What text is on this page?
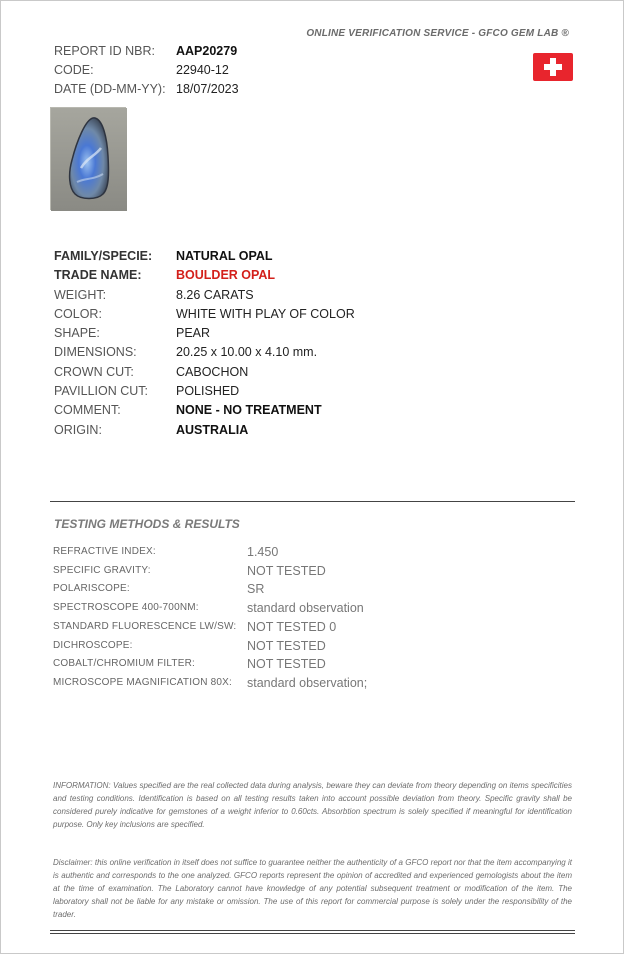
ONLINE VERIFICATION SERVICE - GFCO GEM LAB ®
REPORT ID NBR:	AAP20279
CODE:	22940-12
DATE (DD-MM-YY): 18/07/2023
FAMILY/SPECIE:	NATURAL OPAL
TRADE NAME:	BOULDER OPAL
WEIGHT:	8.26 CARATS
COLOR:	WHITE WITH PLAY OF COLOR
SHAPE:	PEAR
DIMENSIONS:	20.25 x 10.00 x 4.10 mm.
CROWN CUT:	CABOCHON
PAVILLION CUT:	POLISHED
COMMENT:	NONE - NO TREATMENT
ORIGIN:	AUSTRALIA
TESTING METHODS & RESULTS
REFRACTIVE INDEX:	1.450
SPECIFIC GRAVITY:	NOT TESTED
POLARISCOPE:	SR
SPECTROSCOPE 400-700NM:	standard observation
STANDARD FLUORESCENCE LW/SW: NOT TESTED 0
DICHROSCOPE:	NOT TESTED
COBALT/CHROMIUM FILTER:	NOT TESTED
MICROSCOPE MAGNIFICATION 80X:	standard observation;
INFORMATION: Values specified are the real collected data during analysis, beware they can deviate from theory depending on items specificities and testing conditions. Identification is based on all testing results taken into account possible deviation from theory. Specific gravity shall be considered purely indicative for gemstones of a weight inferior to 0.60cts. Absorbtion spectrum is solely specified if meaningful for identification purpose. Only key inclusions are specified.
Disclaimer: this online verification in itself does not suffice to guarantee neither the authenticity of a GFCO report nor that the item accompanying it is authentic and corresponds to the one analyzed. GFCO reports represent the opinion of accredited and experienced gemologists about the item at the time of examination. The Laboratory cannot have knowledge of any potential subsequent treatment or modification of the item. The laboratory shall not be liable for any mistake or omission. The use of this report for commercial purpose is solely under the responsibility of the trader.
